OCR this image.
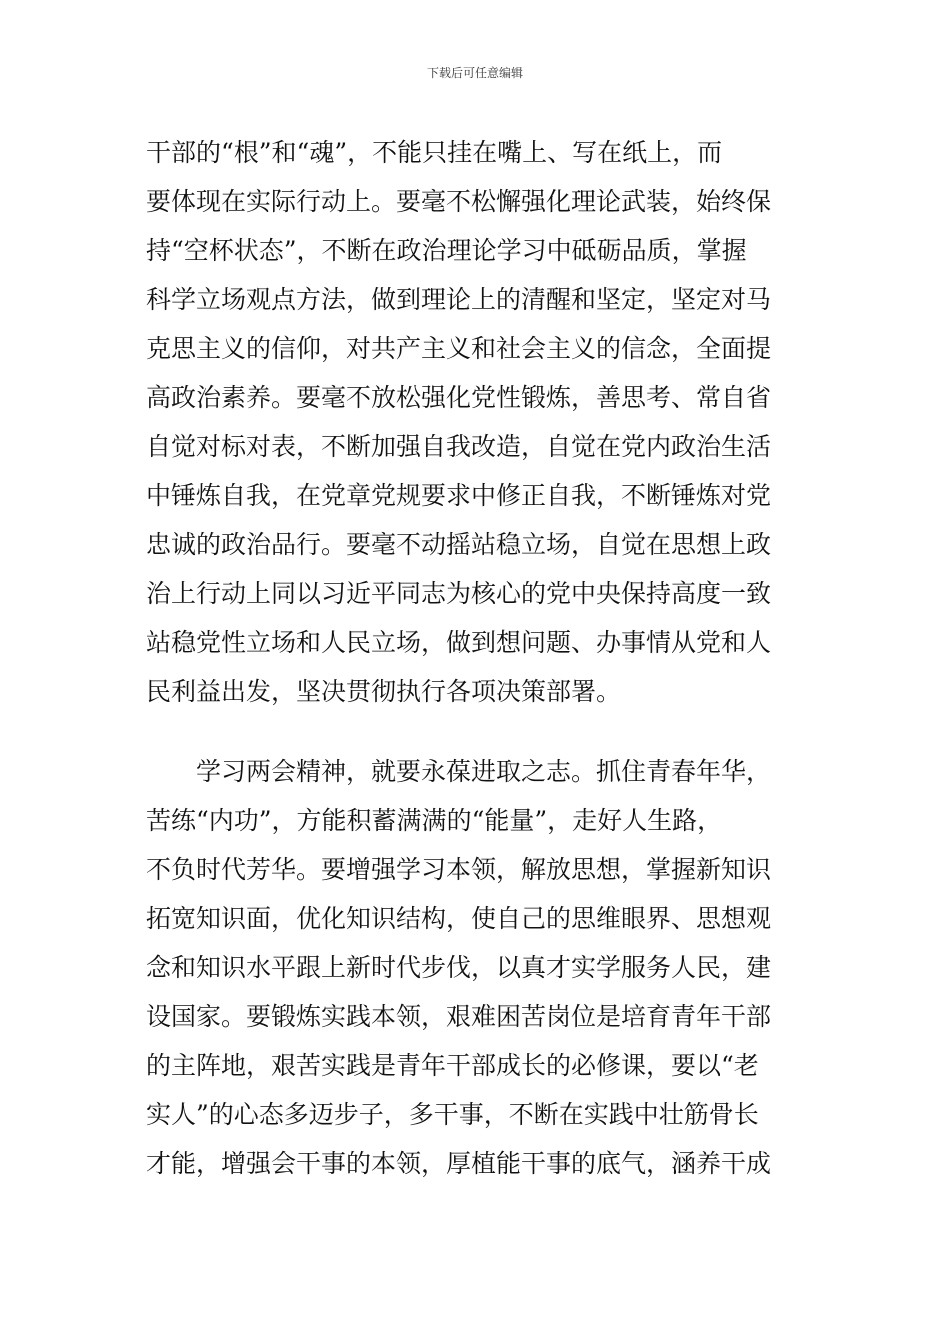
下载后可任意编辑
干部的“根”和“魂”，不能只挂在嘴上、写在纸上，而
要体现在实际行动上。要毫不松懈强化理论武装，始终保
持“空杯状态”，不断在政治理论学习中砥砺品质，掌握
科学立场观点方法，做到理论上的清醒和坚定，坚定对马
克思主义的信仰，对共产主义和社会主义的信念，全面提
高政治素养。要毫不放松强化党性锻炼，善思考、常自省
自觉对标对表，不断加强自我改造，自觉在党内政治生活
中锤炼自我，在党章党规要求中修正自我，不断锤炼对党
忠诚的政治品行。要毫不动摇站稳立场，自觉在思想上政
治上行动上同以习近平同志为核心的党中央保持高度一致
站稳党性立场和人民立场，做到想问题、办事情从党和人
民利益出发，坚决贯彻执行各项决策部署。
学习两会精神，就要永葆进取之志。抓住青春年华，
苦练“内功”，方能积蓄满满的“能量”，走好人生路，
不负时代芳华。要增强学习本领，解放思想，掌握新知识
拓宽知识面，优化知识结构，使自己的思维眼界、思想观
念和知识水平跟上新时代步伐，以真才实学服务人民，建
设国家。要锻炼实践本领，艰难困苦岗位是培育青年干部
的主阵地，艰苦实践是青年干部成长的必修课，要以“老
实人”的心态多迈步子，多干事，不断在实践中壮筋骨长
才能，增强会干事的本领，厚植能干事的底气，涵养干成
